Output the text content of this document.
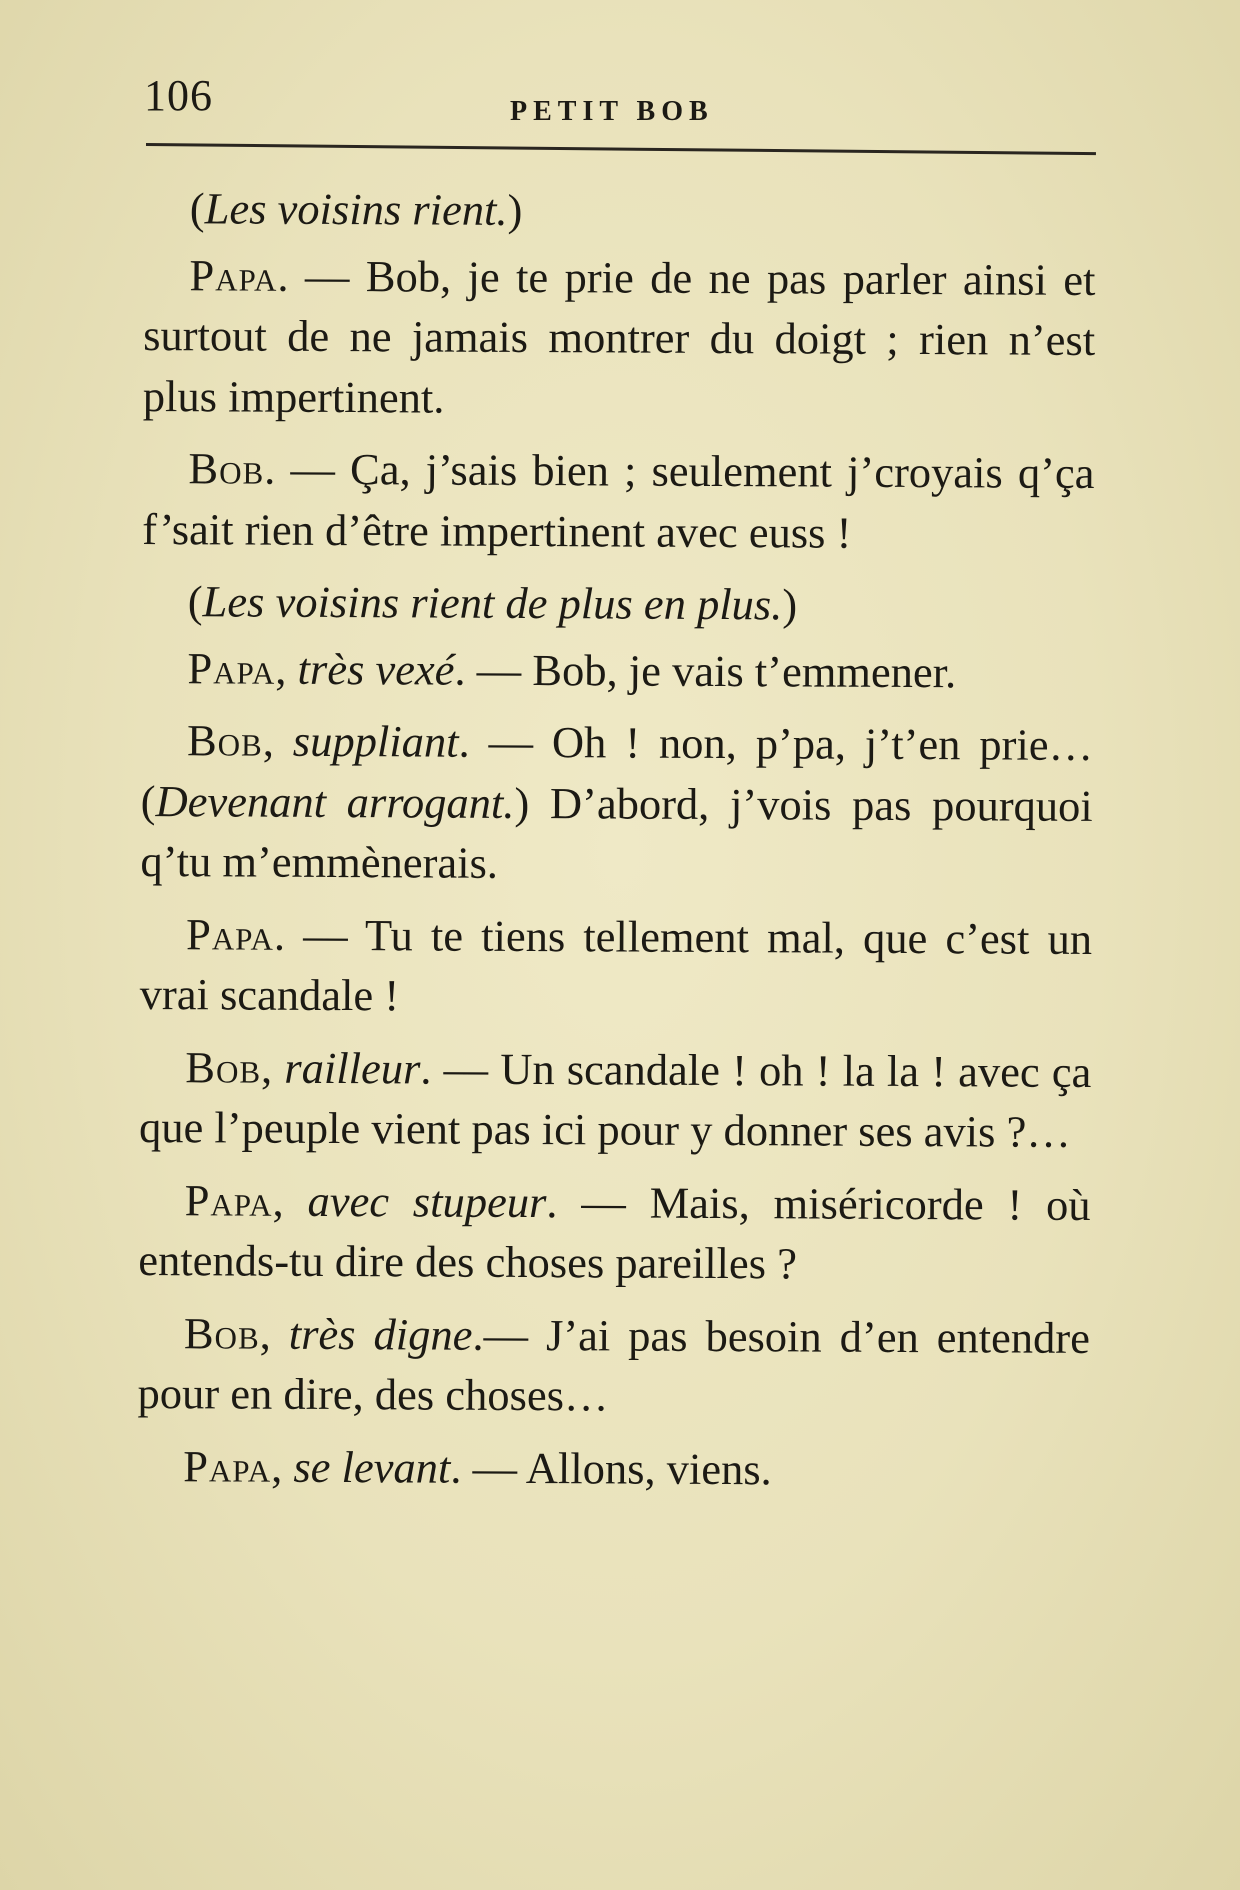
106	PETIT BOB

(Les voisins rient.)

Papa. — Bob, je te prie de ne pas parler ainsi et surtout de ne jamais montrer du doigt ; rien n’est plus impertinent.

Bob. — Ça, j’sais bien ; seulement j’croyais q’ça f’sait rien d’être impertinent avec euss !

(Les voisins rient de plus en plus.)

Papa, très vexé. — Bob, je vais t’emmener.

Bob, suppliant. — Oh ! non, p’pa, j’t’en prie… (Devenant arrogant.) D’abord, j’vois pas pourquoi q’tu m’emmènerais.

Papa. — Tu te tiens tellement mal, que c’est un vrai scandale !

Bob, railleur. — Un scandale ! oh ! la la ! avec ça que l’peuple vient pas ici pour y donner ses avis ?…

Papa, avec stupeur. — Mais, miséricorde ! où entends-tu dire des choses pareilles ?

Bob, très digne.— J’ai pas besoin d’en entendre pour en dire, des choses…

Papa, se levant. — Allons, viens.
